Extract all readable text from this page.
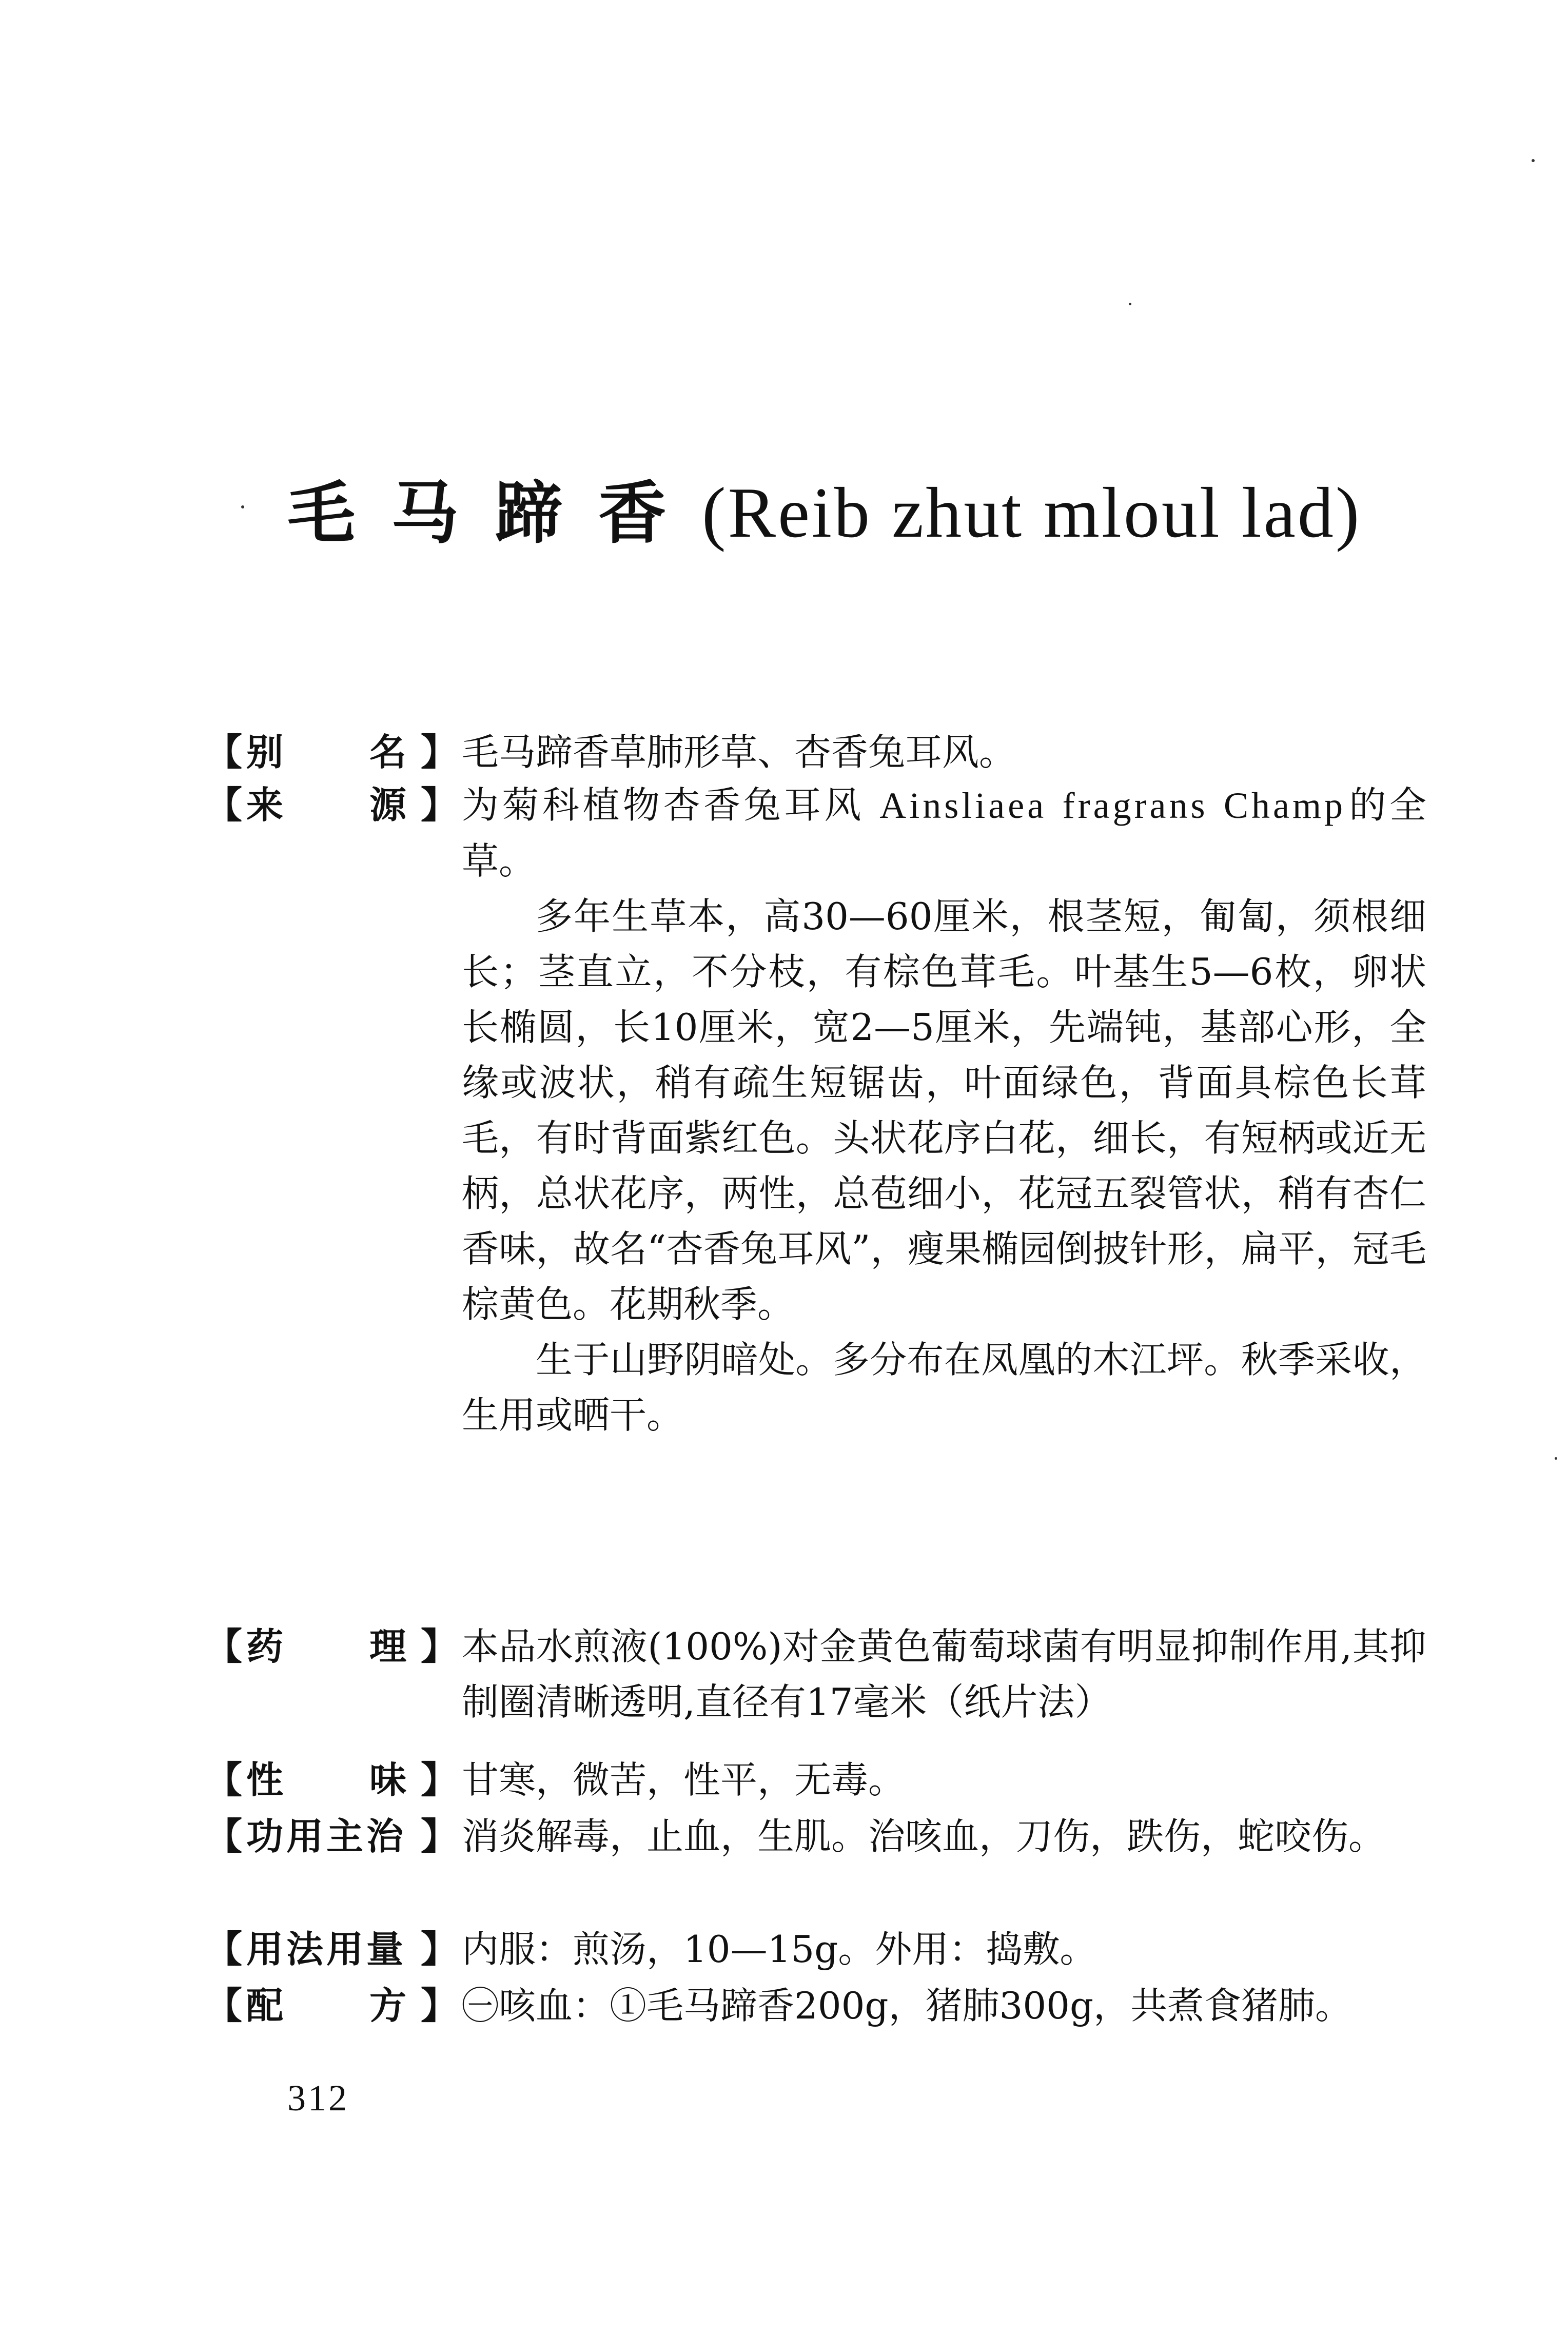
毛马蹄香(Reib zhut mloul lad)
【 别 名 】 毛马蹄香草肺形草、杏香兔耳风。

【 来 源 】 为菊科植物杏香兔耳风 Ainsliaea fragrans Champ的全草。

多年生草本，高30—60厘米，根茎短，匍匐，须根细长；茎直立，不分枝，有棕色茸毛。叶基生5—6枚，卵状长椭圆，长10厘米，宽2—5厘米，先端钝，基部心形，全缘或波状，稍有疏生短锯齿，叶面绿色，背面具棕色长茸毛，有时背面紫红色。头状花序白花，细长，有短柄或近无柄，总状花序，两性，总苞细小，花冠五裂管状，稍有杏仁香味，故名“杏香兔耳风”，瘦果椭园倒披针形，扁平，冠毛棕黄色。花期秋季。

生于山野阴暗处。多分布在凤凰的木江坪。秋季采收，生用或晒干。

【 药 理 】 本品水煎液(100%)对金黄色葡萄球菌有明显抑制作用,其抑制圈清晰透明,直径有17毫米（纸片法）

【 性 味 】 甘寒，微苦，性平，无毒。

【 功用主治 】 消炎解毒，止血，生肌。治咳血，刀伤，跌伤，蛇咬伤。

【 用法用量 】 内服：煎汤，10—15g。外用：捣敷。

【 配 方 】 ㊀咳血：①毛马蹄香200g，猪肺300g，共煮食猪肺。

312
